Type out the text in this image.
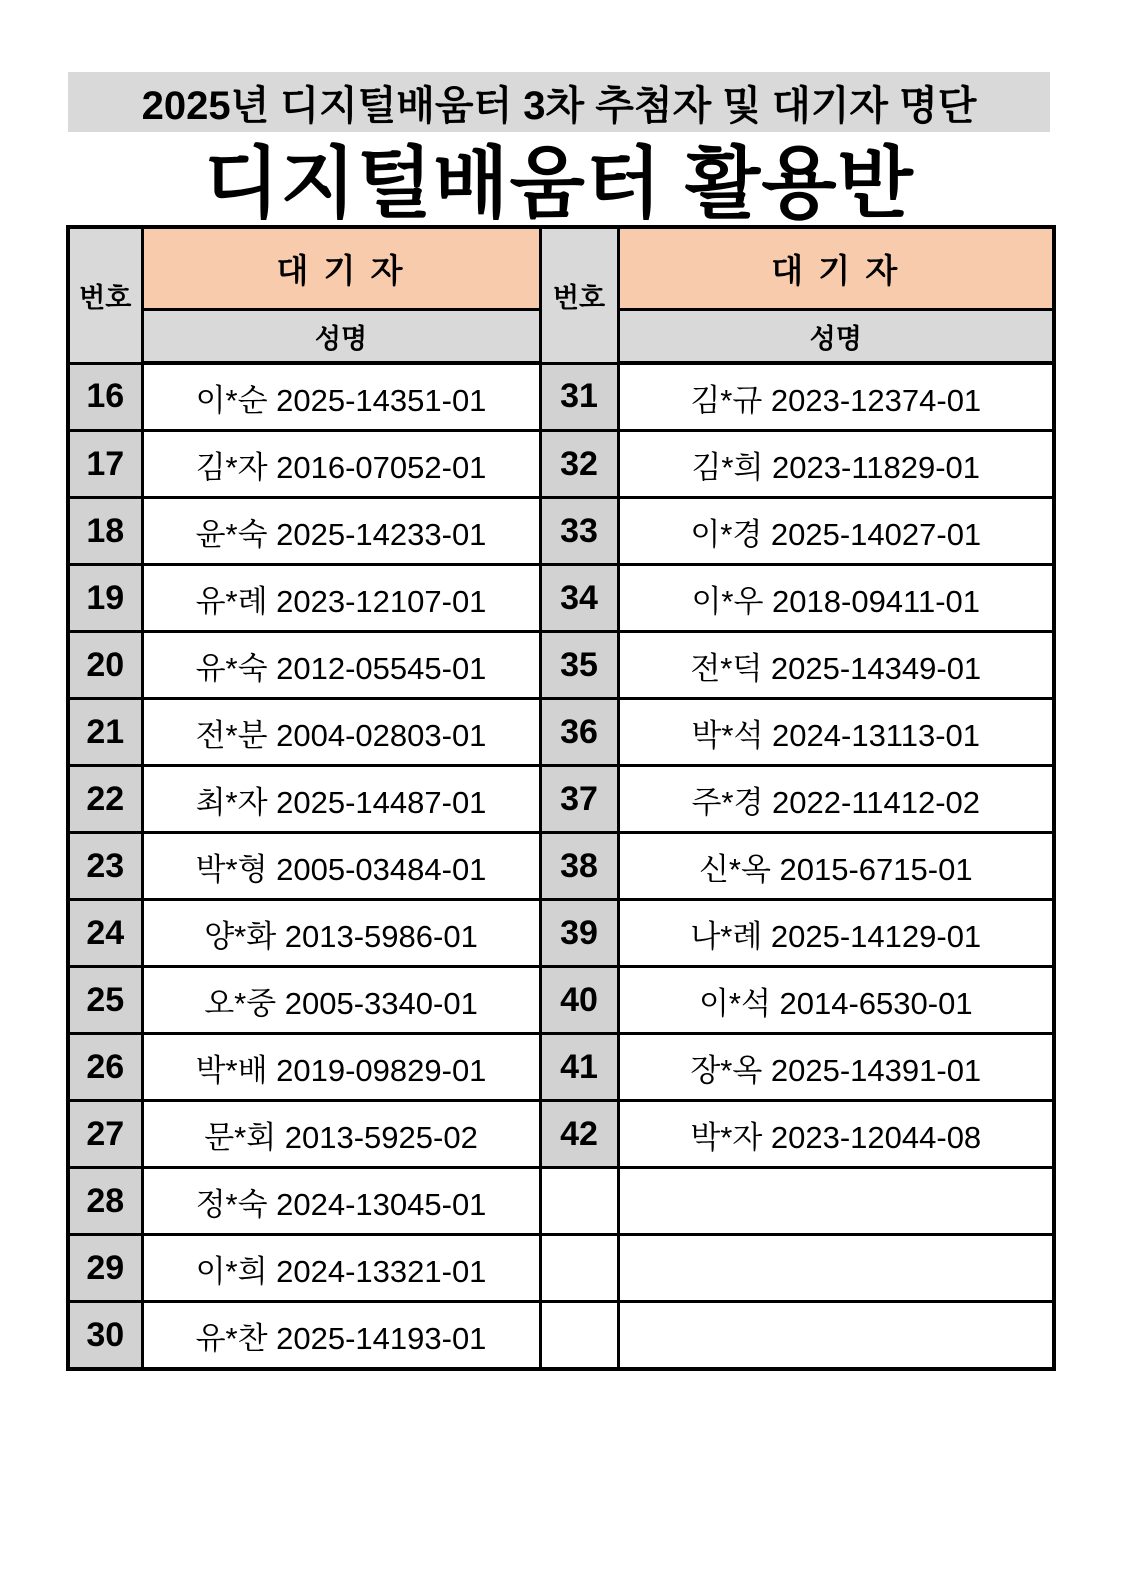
2025년 디지털배움터 3차 추첨자 및 대기자 명단
디지털배움터 활용반
번호	대 기 자	번호	대 기 자
	성명		성명
16	이*순 2025-14351-01	31	김*규 2023-12374-01
17	김*자 2016-07052-01	32	김*희 2023-11829-01
18	윤*숙 2025-14233-01	33	이*경 2025-14027-01
19	유*례 2023-12107-01	34	이*우 2018-09411-01
20	유*숙 2012-05545-01	35	전*덕 2025-14349-01
21	전*분 2004-02803-01	36	박*석 2024-13113-01
22	최*자 2025-14487-01	37	주*경 2022-11412-02
23	박*형 2005-03484-01	38	신*옥 2015-6715-01
24	양*화 2013-5986-01	39	나*례 2025-14129-01
25	오*중 2005-3340-01	40	이*석 2014-6530-01
26	박*배 2019-09829-01	41	장*옥 2025-14391-01
27	문*회 2013-5925-02	42	박*자 2023-12044-08
28	정*숙 2024-13045-01		
29	이*희 2024-13321-01		
30	유*찬 2025-14193-01		
